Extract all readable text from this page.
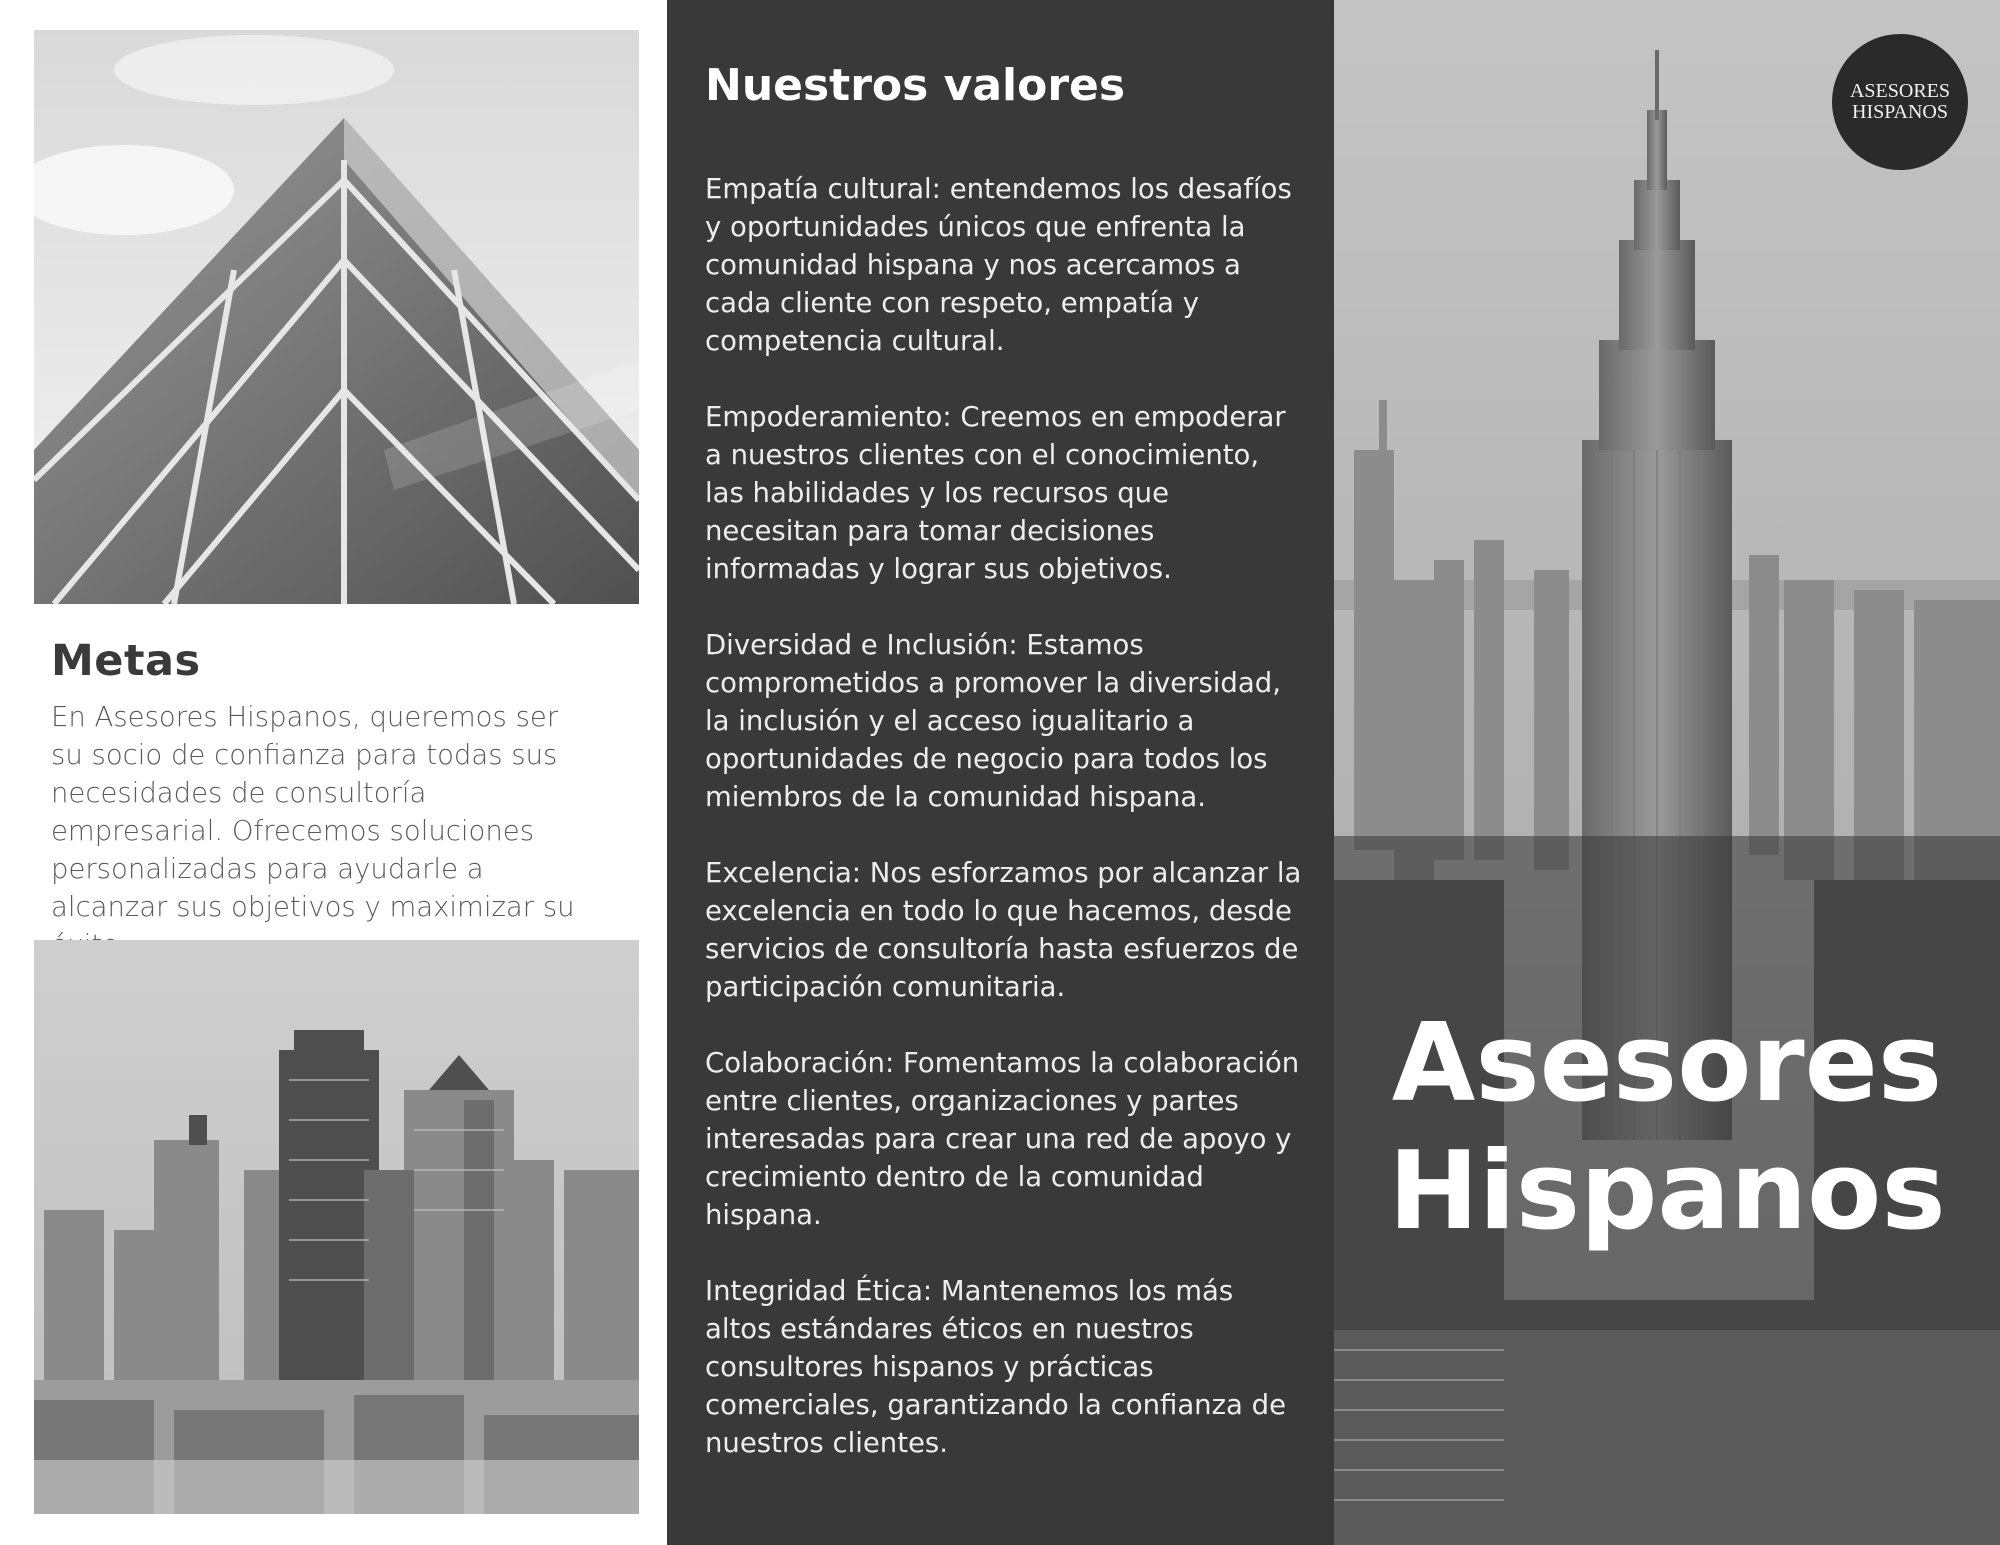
Metas

En Asesores Hispanos, queremos ser su socio de confianza para todas sus necesidades de consultoría empresarial. Ofrecemos soluciones personalizadas para ayudarle a alcanzar sus objetivos y maximizar su

Nuestros valores

Empatía cultural: entendemos los desafíos y oportunidades únicos que enfrenta la comunidad hispana y nos acercamos a cada cliente con respeto, empatía y competencia cultural.

Empoderamiento: Creemos en empoderar a nuestros clientes con el conocimiento, las habilidades y los recursos que necesitan para tomar decisiones informadas y lograr sus objetivos.

Diversidad e Inclusión: Estamos comprometidos a promover la diversidad, la inclusión y el acceso igualitario a oportunidades de negocio para todos los miembros de la comunidad hispana.

Excelencia: Nos esforzamos por alcanzar la excelencia en todo lo que hacemos, desde servicios de consultoría hasta esfuerzos de participación comunitaria.

Colaboración: Fomentamos la colaboración entre clientes, organizaciones y partes interesadas para crear una red de apoyo y crecimiento dentro de la comunidad hispana.

Integridad Ética: Mantenemos los más altos estándares éticos en nuestros consultores hispanos y prácticas comerciales, garantizando la confianza de nuestros clientes.

Asesores
Hispanos
ASESORES
HISPANOS
